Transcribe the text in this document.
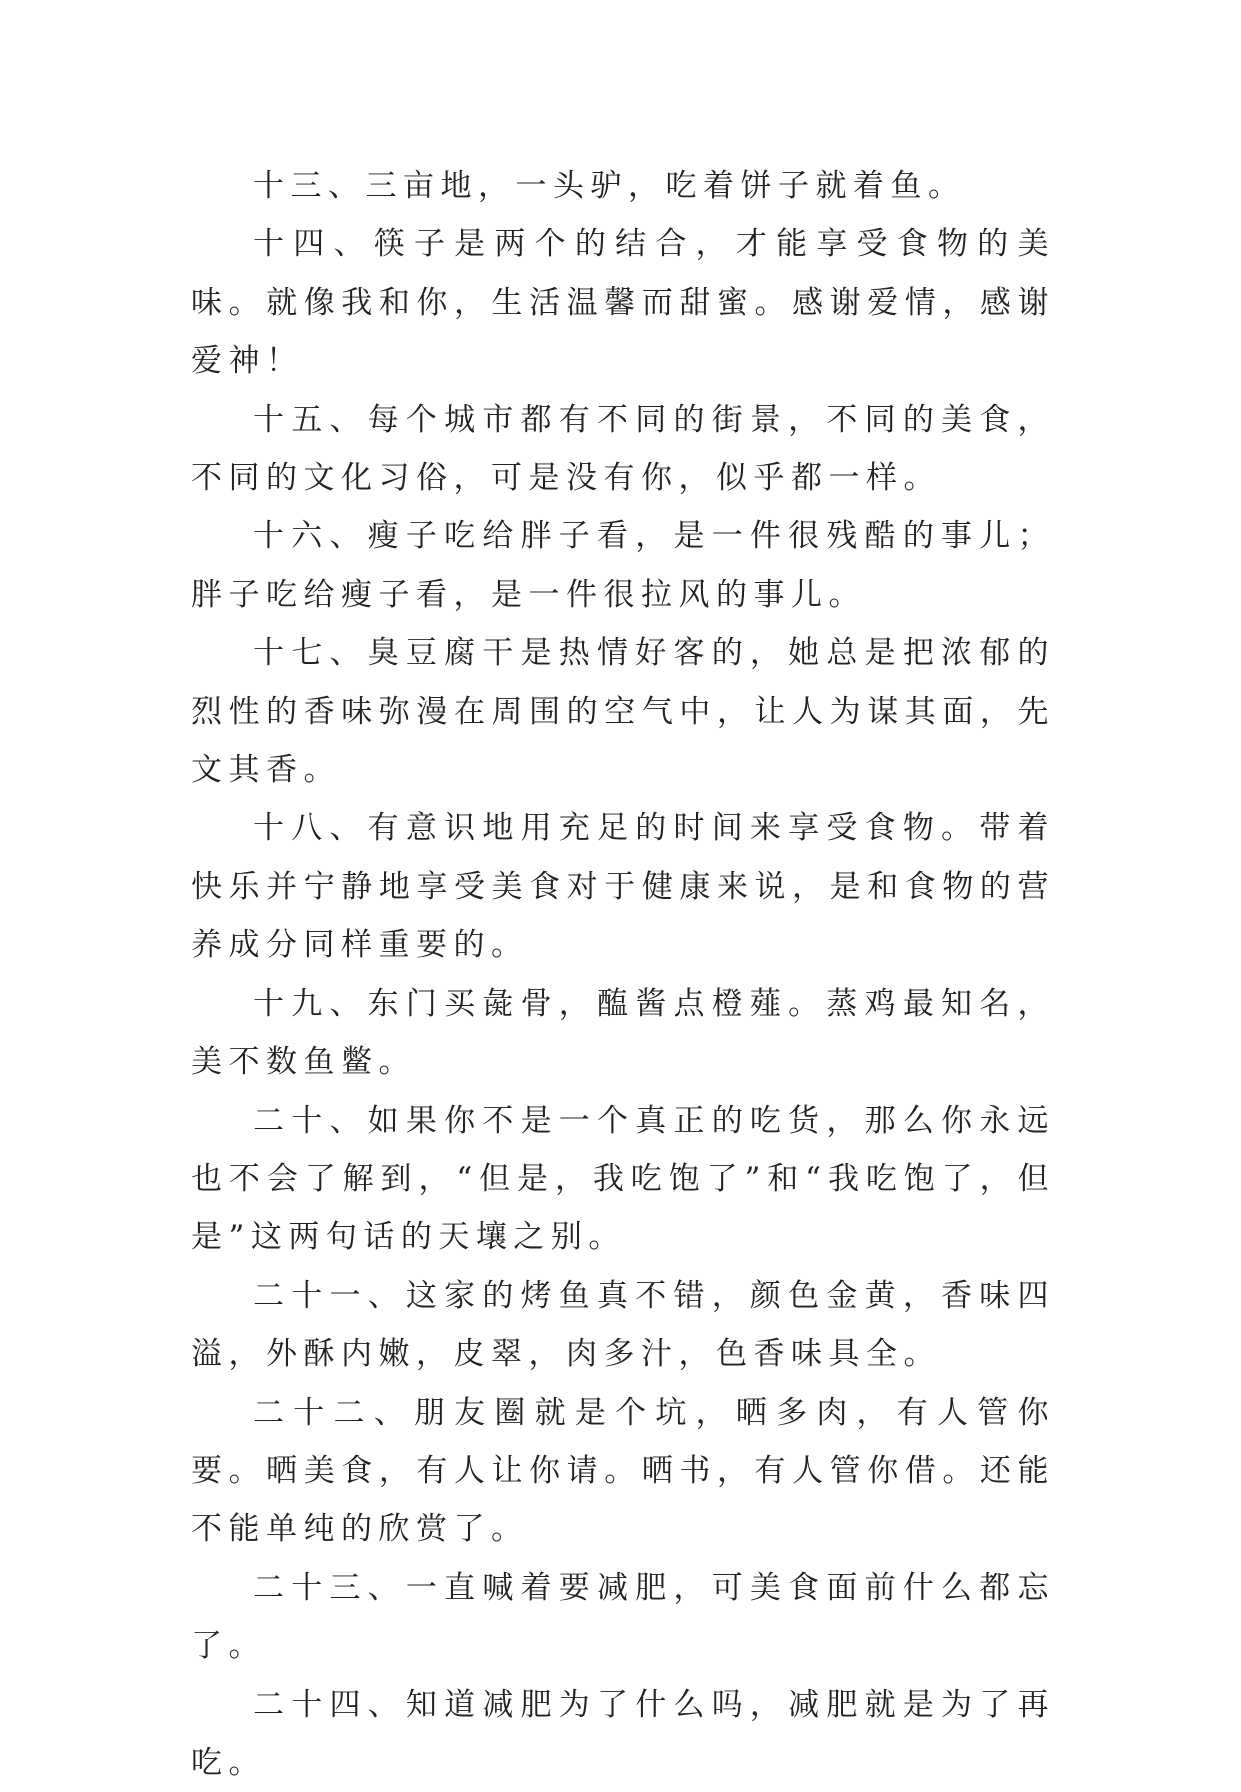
十三、三亩地，一头驴，吃着饼子就着鱼。

十四、筷子是两个的结合，才能享受食物的美味。就像我和你，生活温馨而甜蜜。感谢爱情，感谢爱神！

十五、每个城市都有不同的街景，不同的美食，不同的文化习俗，可是没有你，似乎都一样。

十六、瘦子吃给胖子看，是一件很残酷的事儿；胖子吃给瘦子看，是一件很拉风的事儿。

十七、臭豆腐干是热情好客的，她总是把浓郁的烈性的香味弥漫在周围的空气中，让人为谋其面，先文其香。

十八、有意识地用充足的时间来享受食物。带着快乐并宁静地享受美食对于健康来说，是和食物的营养成分同样重要的。

十九、东门买彘骨，醢酱点橙薤。蒸鸡最知名，美不数鱼鳖。

二十、如果你不是一个真正的吃货，那么你永远也不会了解到，“但是，我吃饱了”和“我吃饱了，但是”这两句话的天壤之别。

二十一、这家的烤鱼真不错，颜色金黄，香味四溢，外酥内嫩，皮翠，肉多汁，色香味具全。

二十二、朋友圈就是个坑，晒多肉，有人管你要。晒美食，有人让你请。晒书，有人管你借。还能不能单纯的欣赏了。

二十三、一直喊着要减肥，可美食面前什么都忘了。

二十四、知道减肥为了什么吗，减肥就是为了再吃。
